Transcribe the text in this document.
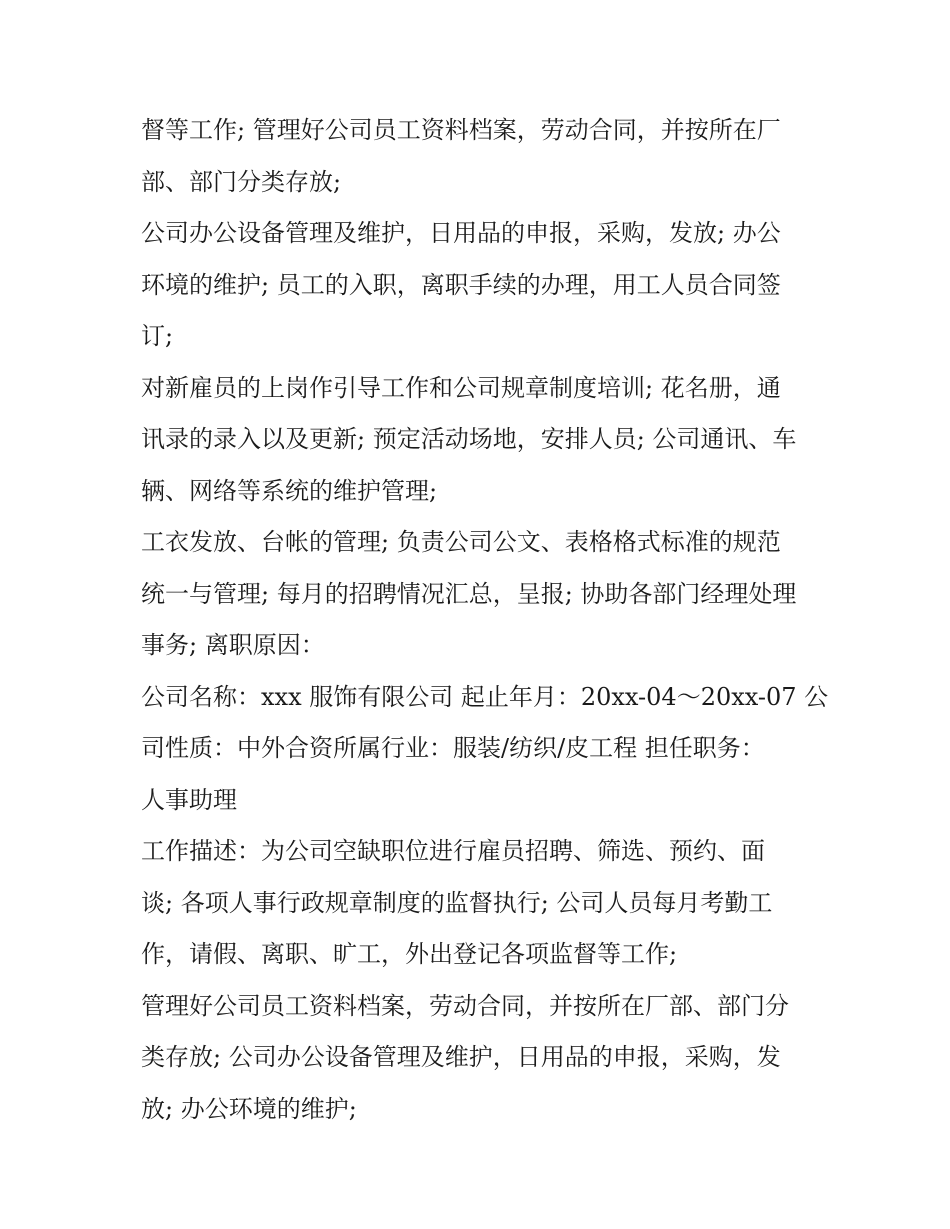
督等工作; 管理好公司员工资料档案，劳动合同，并按所在厂
部、部门分类存放;
公司办公设备管理及维护，日用品的申报，采购，发放; 办公
环境的维护; 员工的入职，离职手续的办理，用工人员合同签
订;
对新雇员的上岗作引导工作和公司规章制度培训; 花名册，通
讯录的录入以及更新; 预定活动场地，安排人员; 公司通讯、车
辆、网络等系统的维护管理;
工衣发放、台帐的管理; 负责公司公文、表格格式标准的规范
统一与管理; 每月的招聘情况汇总，呈报; 协助各部门经理处理
事务; 离职原因：
公司名称：xxx 服饰有限公司 起止年月：20xx-04～20xx-07 公
司性质：中外合资所属行业：服装/纺织/皮工程 担任职务：
人事助理
工作描述：为公司空缺职位进行雇员招聘、筛选、预约、面
谈; 各项人事行政规章制度的监督执行; 公司人员每月考勤工
作，请假、离职、旷工，外出登记各项监督等工作;
管理好公司员工资料档案，劳动合同，并按所在厂部、部门分
类存放; 公司办公设备管理及维护，日用品的申报，采购，发
放; 办公环境的维护;
